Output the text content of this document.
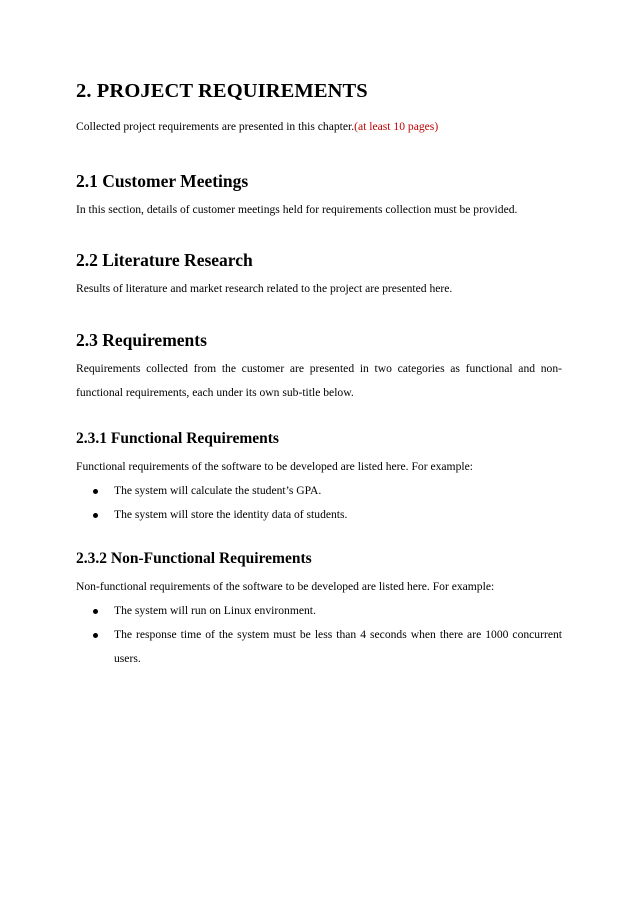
2. PROJECT REQUIREMENTS

Collected project requirements are presented in this chapter.(at least 10 pages)

2.1 Customer Meetings

In this section, details of customer meetings held for requirements collection must be provided.

2.2 Literature Research

Results of literature and market research related to the project are presented here.

2.3 Requirements

Requirements collected from the customer are presented in two categories as functional and non-functional requirements, each under its own sub-title below.

2.3.1 Functional Requirements

Functional requirements of the software to be developed are listed here. For example:

The system will calculate the student’s GPA.
The system will store the identity data of students.
2.3.2 Non-Functional Requirements

Non-functional requirements of the software to be developed are listed here. For example:

The system will run on Linux environment.
The response time of the system must be less than 4 seconds when there are 1000 concurrent users.
